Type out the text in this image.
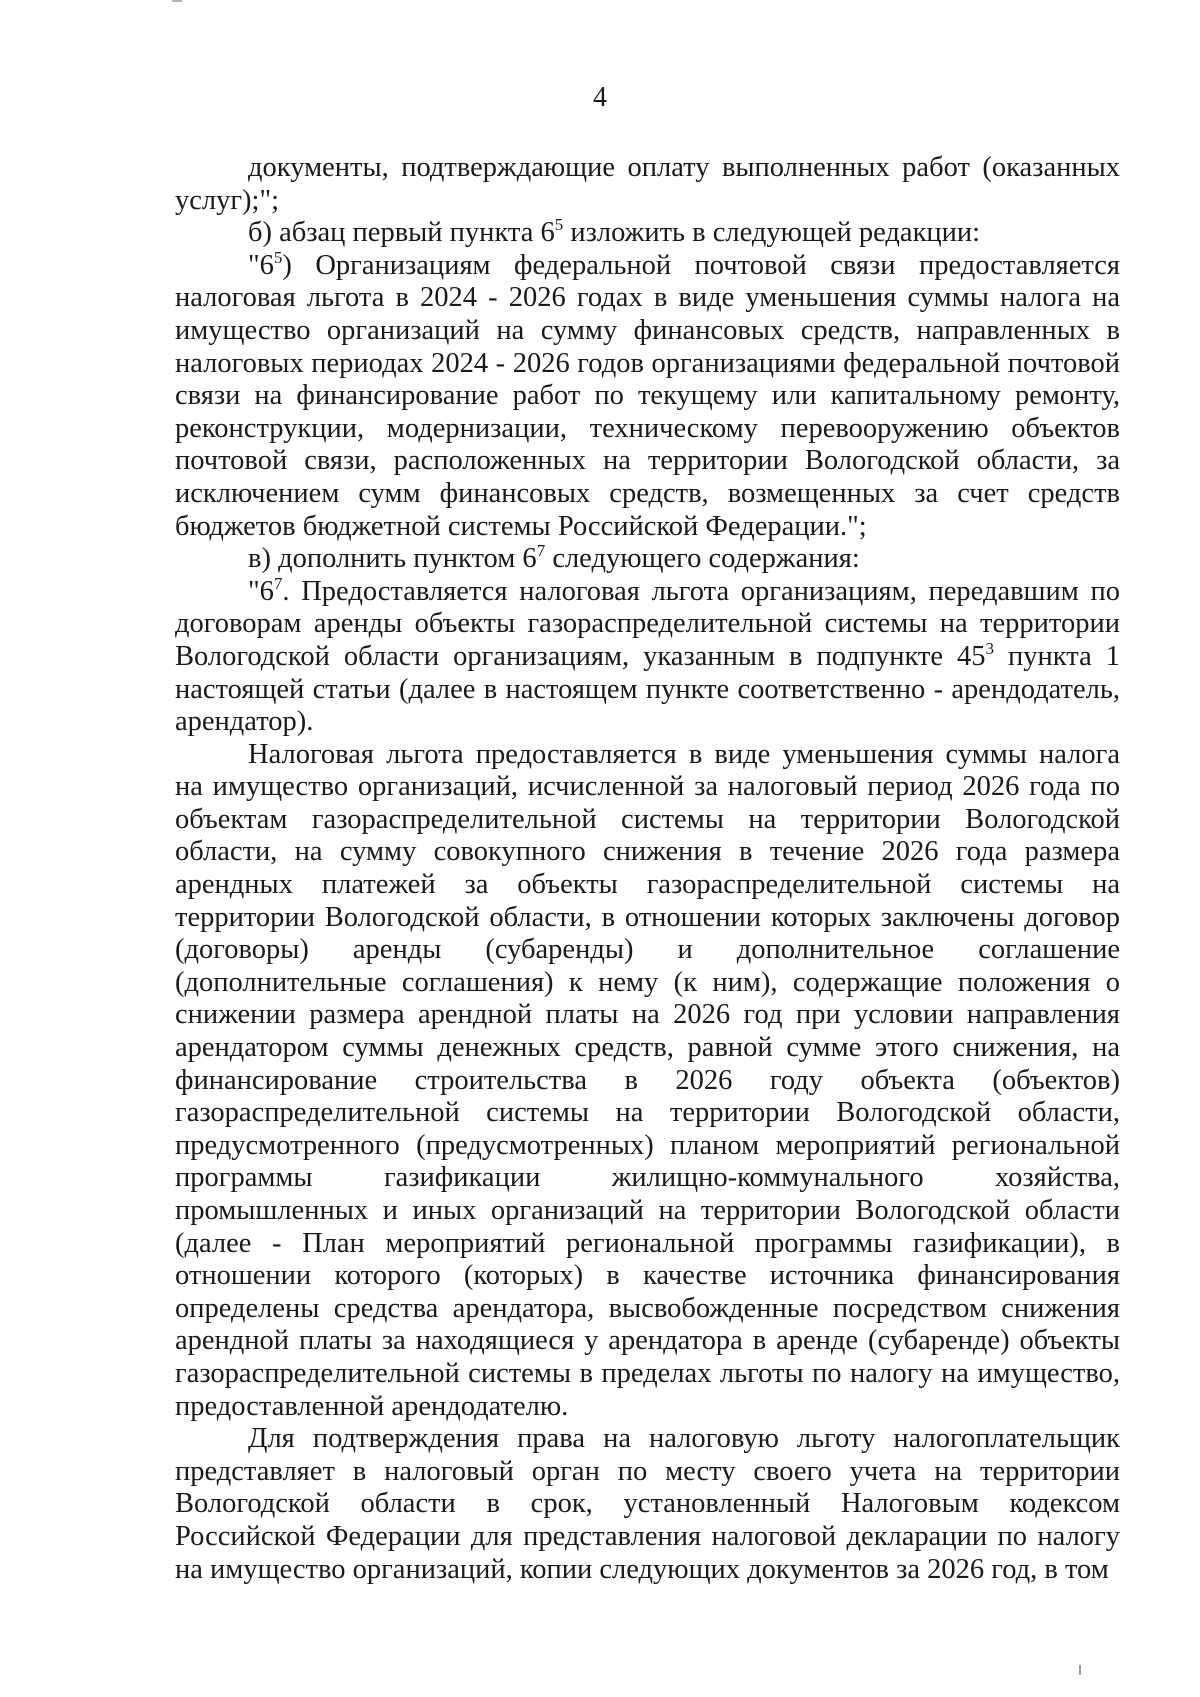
4

документы, подтверждающие оплату выполненных работ (оказанных услуг);";

б) абзац первый пункта $6^5$ изложить в следующей редакции:

"$6^5$) Организациям федеральной почтовой связи предоставляется налоговая льгота в 2024 - 2026 годах в виде уменьшения суммы налога на имущество организаций на сумму финансовых средств, направленных в налоговых периодах 2024 - 2026 годов организациями федеральной почтовой связи на финансирование работ по текущему или капитальному ремонту, реконструкции, модернизации, техническому перевооружению объектов почтовой связи, расположенных на территории Вологодской области, за исключением сумм финансовых средств, возмещенных за счет средств бюджетов бюджетной системы Российской Федерации.";

в) дополнить пунктом $6^7$ следующего содержания:

"$6^7$. Предоставляется налоговая льгота организациям, передавшим по договорам аренды объекты газораспределительной системы на территории Вологодской области организациям, указанным в подпункте $45^3$ пункта 1 настоящей статьи (далее в настоящем пункте соответственно - арендодатель, арендатор).

Налоговая льгота предоставляется в виде уменьшения суммы налога на имущество организаций, исчисленной за налоговый период 2026 года по объектам газораспределительной системы на территории Вологодской области, на сумму совокупного снижения в течение 2026 года размера арендных платежей за объекты газораспределительной системы на территории Вологодской области, в отношении которых заключены договор (договоры) аренды (субаренды) и дополнительное соглашение (дополнительные соглашения) к нему (к ним), содержащие положения о снижении размера арендной платы на 2026 год при условии направления арендатором суммы денежных средств, равной сумме этого снижения, на финансирование строительства в 2026 году объекта (объектов) газораспределительной системы на территории Вологодской области, предусмотренного (предусмотренных) планом мероприятий региональной программы газификации жилищно-коммунального хозяйства, промышленных и иных организаций на территории Вологодской области (далее - План мероприятий региональной программы газификации), в отношении которого (которых) в качестве источника финансирования определены средства арендатора, высвобожденные посредством снижения арендной платы за находящиеся у арендатора в аренде (субаренде) объекты газораспределительной системы в пределах льготы по налогу на имущество, предоставленной арендодателю.

Для подтверждения права на налоговую льготу налогоплательщик представляет в налоговый орган по месту своего учета на территории Вологодской области в срок, установленный Налоговым кодексом Российской Федерации для представления налоговой декларации по налогу на имущество организаций, копии следующих документов за 2026 год, в том
